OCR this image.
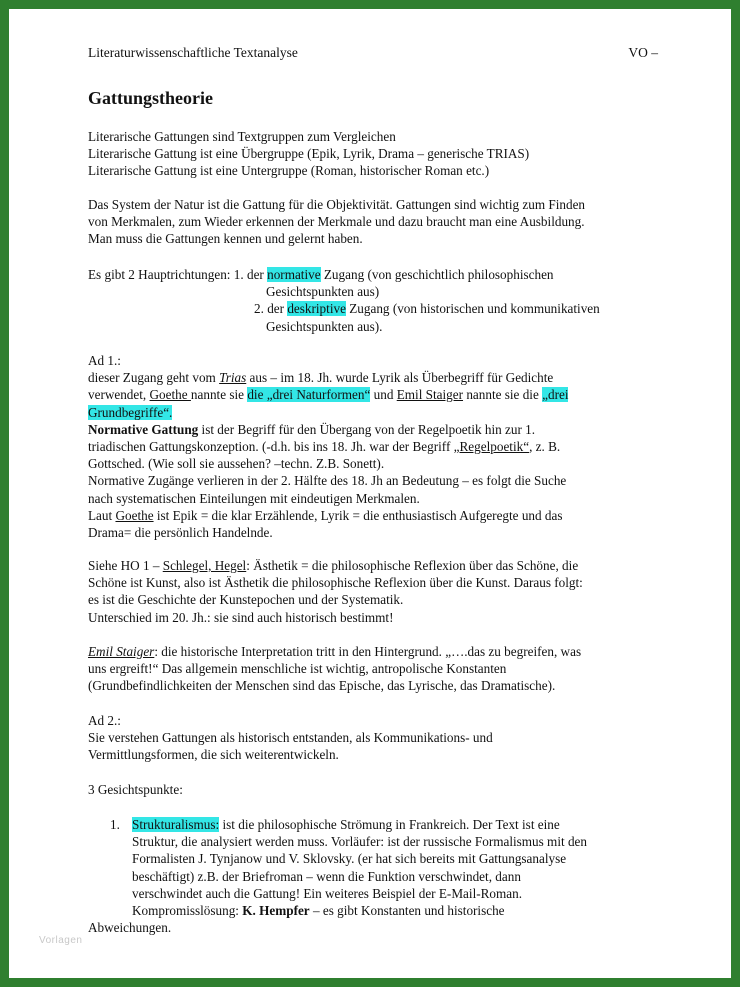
Literaturwissenschaftliche Textanalyse	VO –
Gattungstheorie
Literarische Gattungen sind Textgruppen zum Vergleichen
Literarische Gattung ist eine Übergruppe (Epik, Lyrik, Drama – generische TRIAS)
Literarische Gattung ist eine Untergruppe (Roman, historischer Roman etc.)
Das System der Natur ist die Gattung für die Objektivität. Gattungen sind wichtig zum Finden
von Merkmalen, zum Wieder erkennen der Merkmale und dazu braucht man eine Ausbildung.
Man muss die Gattungen kennen und gelernt haben.
Es gibt 2 Hauptrichtungen: 1. der normative Zugang (von geschichtlich philosophischen
Gesichtspunkten aus)
2. der deskriptive Zugang (von historischen und kommunikativen
Gesichtspunkten aus).
Ad 1.:
dieser Zugang geht vom Trias aus – im 18. Jh. wurde Lyrik als Überbegriff für Gedichte
verwendet, Goethe nannte sie die „drei Naturformen“ und Emil Staiger nannte sie die „drei
Grundbegriffe“.
Normative Gattung ist der Begriff für den Übergang von der Regelpoetik hin zur 1.
triadischen Gattungskonzeption. (-d.h. bis ins 18. Jh. war der Begriff „Regelpoetik“, z. B.
Gottsched. (Wie soll sie aussehen? –techn. Z.B. Sonett).
Normative Zugänge verlieren in der 2. Hälfte des 18. Jh an Bedeutung – es folgt die Suche
nach systematischen Einteilungen mit eindeutigen Merkmalen.
Laut Goethe ist Epik = die klar Erzählende, Lyrik = die enthusiastisch Aufgeregte und das
Drama= die persönlich Handelnde.
Siehe HO 1 – Schlegel, Hegel: Ästhetik = die philosophische Reflexion über das Schöne, die
Schöne ist Kunst, also ist Ästhetik die philosophische Reflexion über die Kunst. Daraus folgt:
es ist die Geschichte der Kunstepochen und der Systematik.
Unterschied im 20. Jh.: sie sind auch historisch bestimmt!
Emil Staiger: die historische Interpretation tritt in den Hintergrund. „….das zu begreifen, was
uns ergreift!“ Das allgemein menschliche ist wichtig, antropolische Konstanten
(Grundbefindlichkeiten der Menschen sind das Epische, das Lyrische, das Dramatische).
Ad 2.:
Sie verstehen Gattungen als historisch entstanden, als Kommunikations- und
Vermittlungsformen, die sich weiterentwickeln.
3 Gesichtspunkte:
1. Strukturalismus: ist die philosophische Strömung in Frankreich. Der Text ist eine
Struktur, die analysiert werden muss. Vorläufer: ist der russische Formalismus mit den
Formalisten J. Tynjanow und V. Sklovsky. (er hat sich bereits mit Gattungsanalyse
beschäftigt) z.B. der Briefroman – wenn die Funktion verschwindet, dann
verschwindet auch die Gattung! Ein weiteres Beispiel der E-Mail-Roman.
Kompromisslösung: K. Hempfer – es gibt Konstanten und historische
Abweichungen.
Vorlagen
